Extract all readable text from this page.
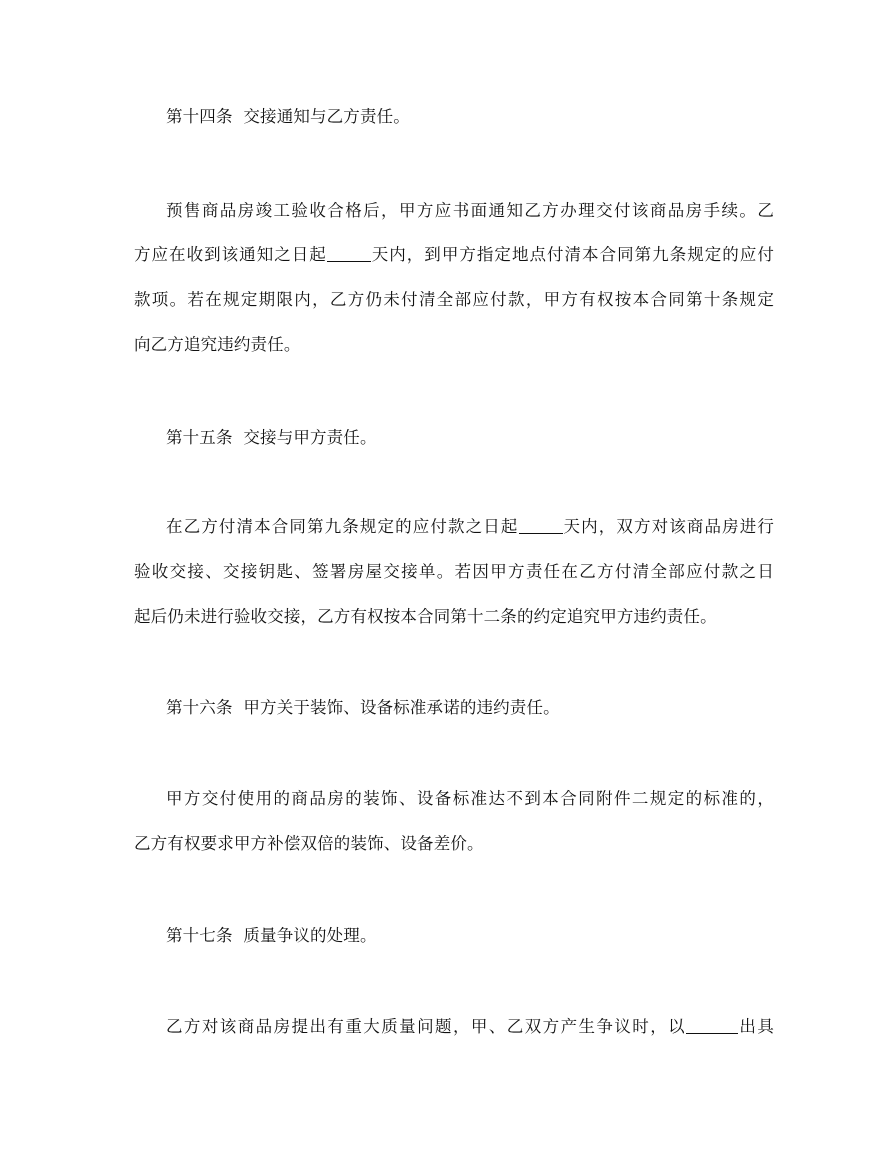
第十四条  交接通知与乙方责任。
预售商品房竣工验收合格后，甲方应书面通知乙方办理交付该商品房手续。乙
方应在收到该通知之日起	天内，到甲方指定地点付清本合同第九条规定的应付
款项。若在规定期限内，乙方仍未付清全部应付款，甲方有权按本合同第十条规定
向乙方追究违约责任。
第十五条  交接与甲方责任。
在乙方付清本合同第九条规定的应付款之日起	天内，双方对该商品房进行
验收交接、交接钥匙、签署房屋交接单。若因甲方责任在乙方付清全部应付款之日
起后仍未进行验收交接，乙方有权按本合同第十二条的约定追究甲方违约责任。
第十六条  甲方关于装饰、设备标准承诺的违约责任。
甲方交付使用的商品房的装饰、设备标准达不到本合同附件二规定的标准的，
乙方有权要求甲方补偿双倍的装饰、设备差价。
第十七条  质量争议的处理。
乙方对该商品房提出有重大质量问题，甲、乙双方产生争议时，以	出具
